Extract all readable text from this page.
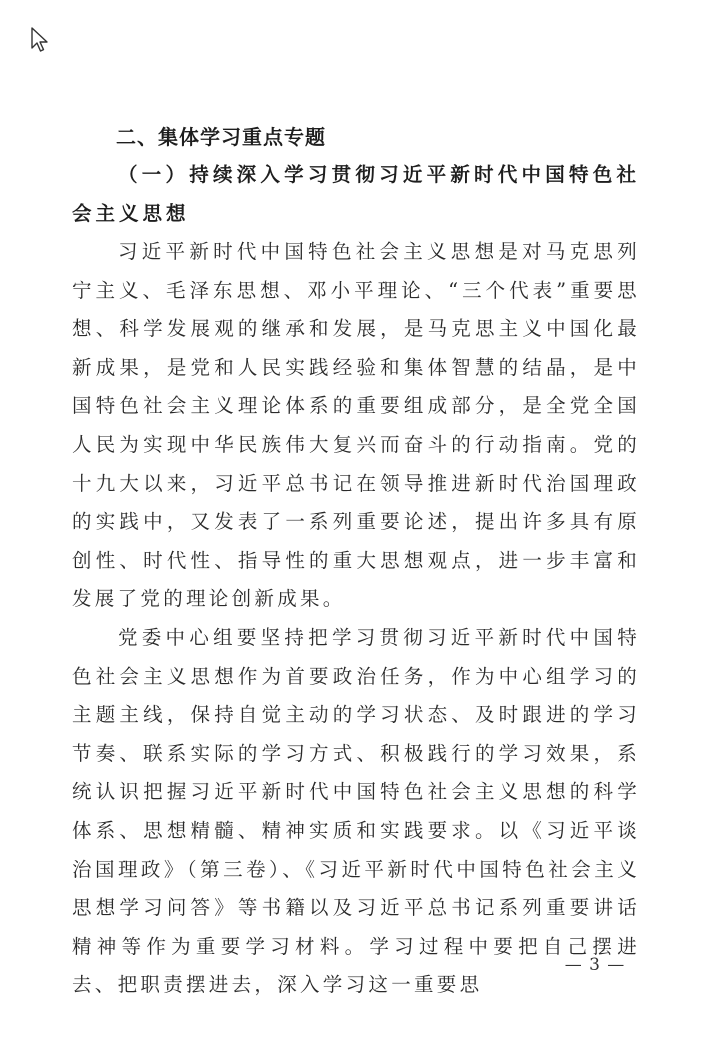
二、集体学习重点专题

（一）持续深入学习贯彻习近平新时代中国特色社会主义思想

习近平新时代中国特色社会主义思想是对马克思列宁主义、毛泽东思想、邓小平理论、“三个代表”重要思想、科学发展观的继承和发展，是马克思主义中国化最新成果，是党和人民实践经验和集体智慧的结晶，是中国特色社会主义理论体系的重要组成部分，是全党全国人民为实现中华民族伟大复兴而奋斗的行动指南。党的十九大以来，习近平总书记在领导推进新时代治国理政的实践中，又发表了一系列重要论述，提出许多具有原创性、时代性、指导性的重大思想观点，进一步丰富和发展了党的理论创新成果。

党委中心组要坚持把学习贯彻习近平新时代中国特色社会主义思想作为首要政治任务，作为中心组学习的主题主线，保持自觉主动的学习状态、及时跟进的学习节奏、联系实际的学习方式、积极践行的学习效果，系统认识把握习近平新时代中国特色社会主义思想的科学体系、思想精髓、精神实质和实践要求。以《习近平谈治国理政》（第三卷）、《习近平新时代中国特色社会主义思想学习问答》等书籍以及习近平总书记系列重要讲话精神等作为重要学习材料。学习过程中要把自己摆进去、把职责摆进去，深入学习这一重要思

— 3 —
